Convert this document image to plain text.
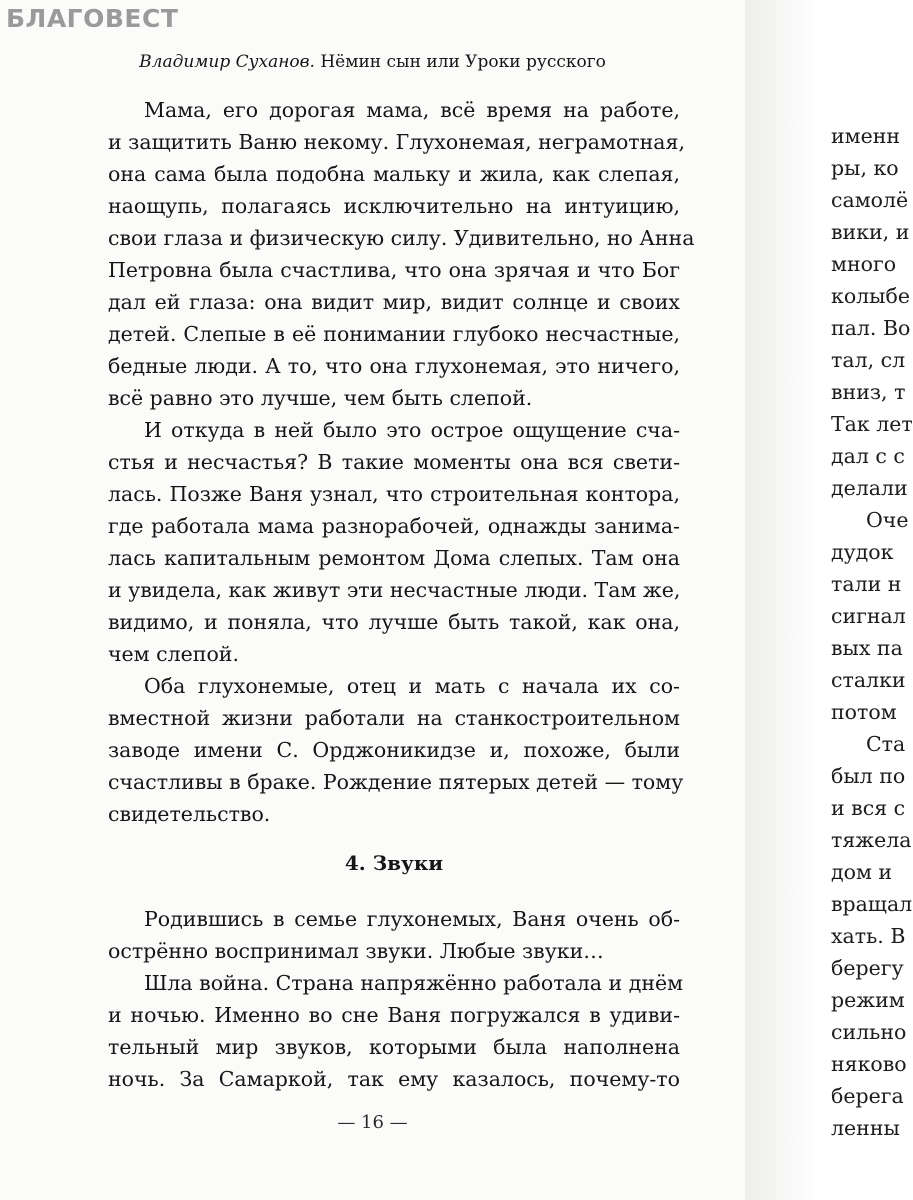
БЛАГОВЕСТ
Владимир Суханов. Нёмин сын или Уроки русского
Мама, его дорогая мама, всё время на работе,
и защитить Ваню некому. Глухонемая, неграмотная,
она сама была подобна мальку и жила, как слепая,
наощупь, полагаясь исключительно на интуицию,
свои глаза и физическую силу. Удивительно, но Анна
Петровна была счастлива, что она зрячая и что Бог
дал ей глаза: она видит мир, видит солнце и своих
детей. Слепые в её понимании глубоко несчастные,
бедные люди. А то, что она глухонемая, это ничего,
всё равно это лучше, чем быть слепой.
И откуда в ней было это острое ощущение сча-
стья и несчастья? В такие моменты она вся свети-
лась. Позже Ваня узнал, что строительная контора,
где работала мама разнорабочей, однажды занима-
лась капитальным ремонтом Дома слепых. Там она
и увидела, как живут эти несчастные люди. Там же,
видимо, и поняла, что лучше быть такой, как она,
чем слепой.
Оба глухонемые, отец и мать с начала их со-
вместной жизни работали на станкостроительном
заводе имени С. Орджоникидзе и, похоже, были
счастливы в браке. Рождение пятерых детей — тому
свидетельство.
4. Звуки
Родившись в семье глухонемых, Ваня очень об-
острённо воспринимал звуки. Любые звуки…
Шла война. Страна напряжённо работала и днём
и ночью. Именно во сне Ваня погружался в удиви-
тельный мир звуков, которыми была наполнена
ночь. За Самаркой, так ему казалось, почему-то
— 16 —
именн
ры, ко
самолё
вики, и
много
колыбе
пал. Во
тал, сл
вниз, т
Так лет
дал с с
делали
Оче
дудок
тали н
сигнал
вых па
сталки
потом
Ста
был по
и вся с
тяжела
дом и
вращал
хать. В
берегу
режим
сильно
няково
берега
ленны
